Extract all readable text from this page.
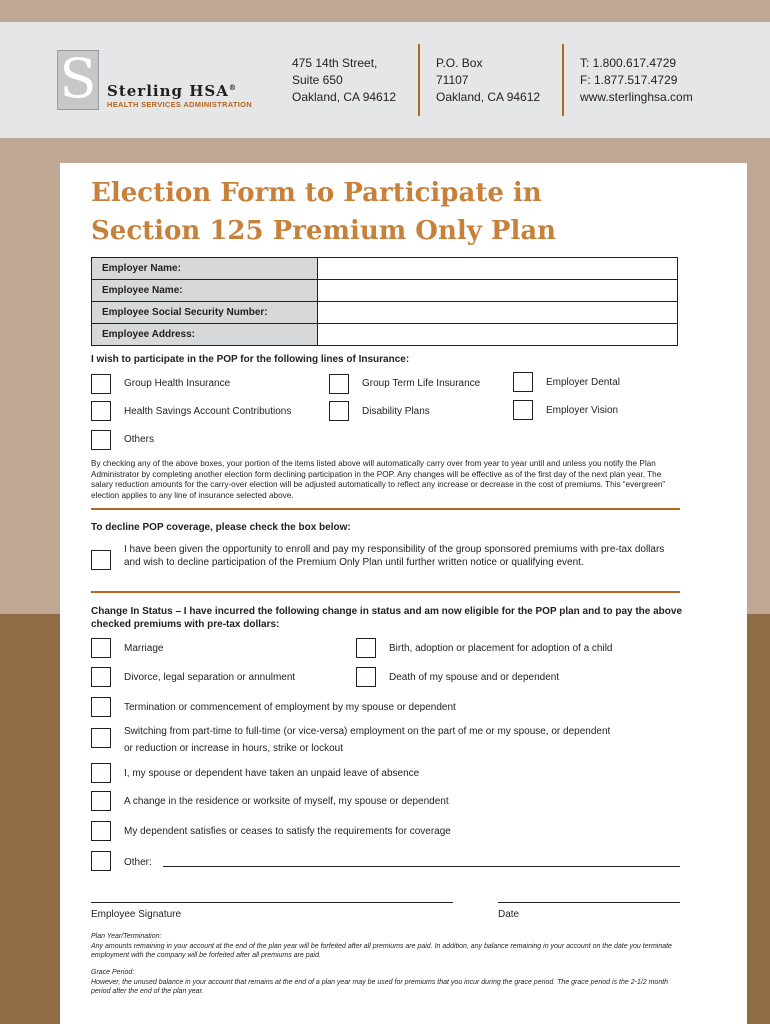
S Sterling HSA®
HEALTH SERVICES ADMINISTRATION
475 14th Street,
Suite 650
Oakland, CA 94612
P.O. Box
71107
Oakland, CA 94612
T: 1.800.617.4729
F: 1.877.517.4729
www.sterlinghsa.com
Election Form to Participate in
Section 125 Premium Only Plan
Employer Name:	
Employee Name:	
Employee Social Security Number:	
Employee Address:	
I wish to participate in the POP for the following lines of Insurance:
Group Health Insurance	Group Term Life Insurance	Employer Dental
Health Savings Account Contributions	Disability Plans	Employer Vision
Others
By checking any of the above boxes, your portion of the items listed above will automatically carry over from year to year until and unless you notify the Plan Administrator by completing another election form declining participation in the POP. Any changes will be effective as of the first day of the next plan year. The salary reduction amounts for the carry-over election will be adjusted automatically to reflect any increase or decrease in the cost of premiums. This “evergreen” election applies to any line of insurance selected above.
To decline POP coverage, please check the box below:
I have been given the opportunity to enroll and pay my responsibility of the group sponsored premiums with pre-tax dollars and wish to decline participation of the Premium Only Plan until further written notice or qualifying event.
Change In Status – I have incurred the following change in status and am now eligible for the POP plan and to pay the above checked premiums with pre-tax dollars:
Marriage	Birth, adoption or placement for adoption of a child
Divorce, legal separation or annulment	Death of my spouse and or dependent
Termination or commencement of employment by my spouse or dependent
Switching from part-time to full-time (or vice-versa) employment on the part of me or my spouse, or dependent
or reduction or increase in hours, strike or lockout
I, my spouse or dependent have taken an unpaid leave of absence
A change in the residence or worksite of myself, my spouse or dependent
My dependent satisfies or ceases to satisfy the requirements for coverage
Other:
Employee Signature	Date
Plan Year/Termination:
Any amounts remaining in your account at the end of the plan year will be forfeited after all premiums are paid. In addition, any balance remaining in your account on the date you terminate employment with the company will be forfeited after all premiums are paid.
Grace Period:
However, the unused balance in your account that remains at the end of a plan year may be used for premiums that you incur during the grace period. The grace period is the 2-1/2 month period after the end of the plan year.
Copyright 2011 Sterling HSA • 06.11
